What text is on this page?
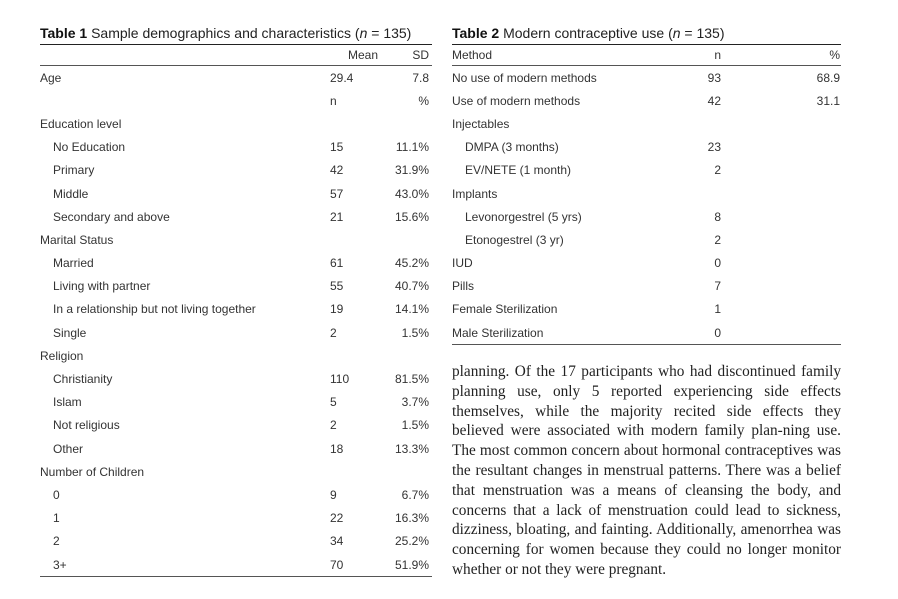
Table 1 Sample demographics and characteristics (n = 135)
	Mean	SD
Age	29.4	7.8
	n	%
Education level		
No Education	15	11.1%
Primary	42	31.9%
Middle	57	43.0%
Secondary and above	21	15.6%
Marital Status		
Married	61	45.2%
Living with partner	55	40.7%
In a relationship but not living together	19	14.1%
Single	2	1.5%
Religion		
Christianity	110	81.5%
Islam	5	3.7%
Not religious	2	1.5%
Other	18	13.3%
Number of Children		
0	9	6.7%
1	22	16.3%
2	34	25.2%
3+	70	51.9%
Table 2 Modern contraceptive use (n = 135)
Method	n	%
No use of modern methods	93	68.9
Use of modern methods	42	31.1
Injectables		
DMPA (3 months)	23	
EV/NETE (1 month)	2	
Implants		
Levonorgestrel (5 yrs)	8	
Etonogestrel (3 yr)	2	
IUD	0	
Pills	7	
Female Sterilization	1	
Male Sterilization	0	

planning. Of the 17 participants who had discontinued family planning use, only 5 reported experiencing side effects themselves, while the majority recited side effects they believed were associated with modern family plan-ning use. The most common concern about hormonal contraceptives was the resultant changes in menstrual patterns. There was a belief that menstruation was a means of cleansing the body, and concerns that a lack of menstruation could lead to sickness, dizziness, bloating, and fainting. Additionally, amenorrhea was concerning for women because they could no longer monitor whether or not they were pregnant.
